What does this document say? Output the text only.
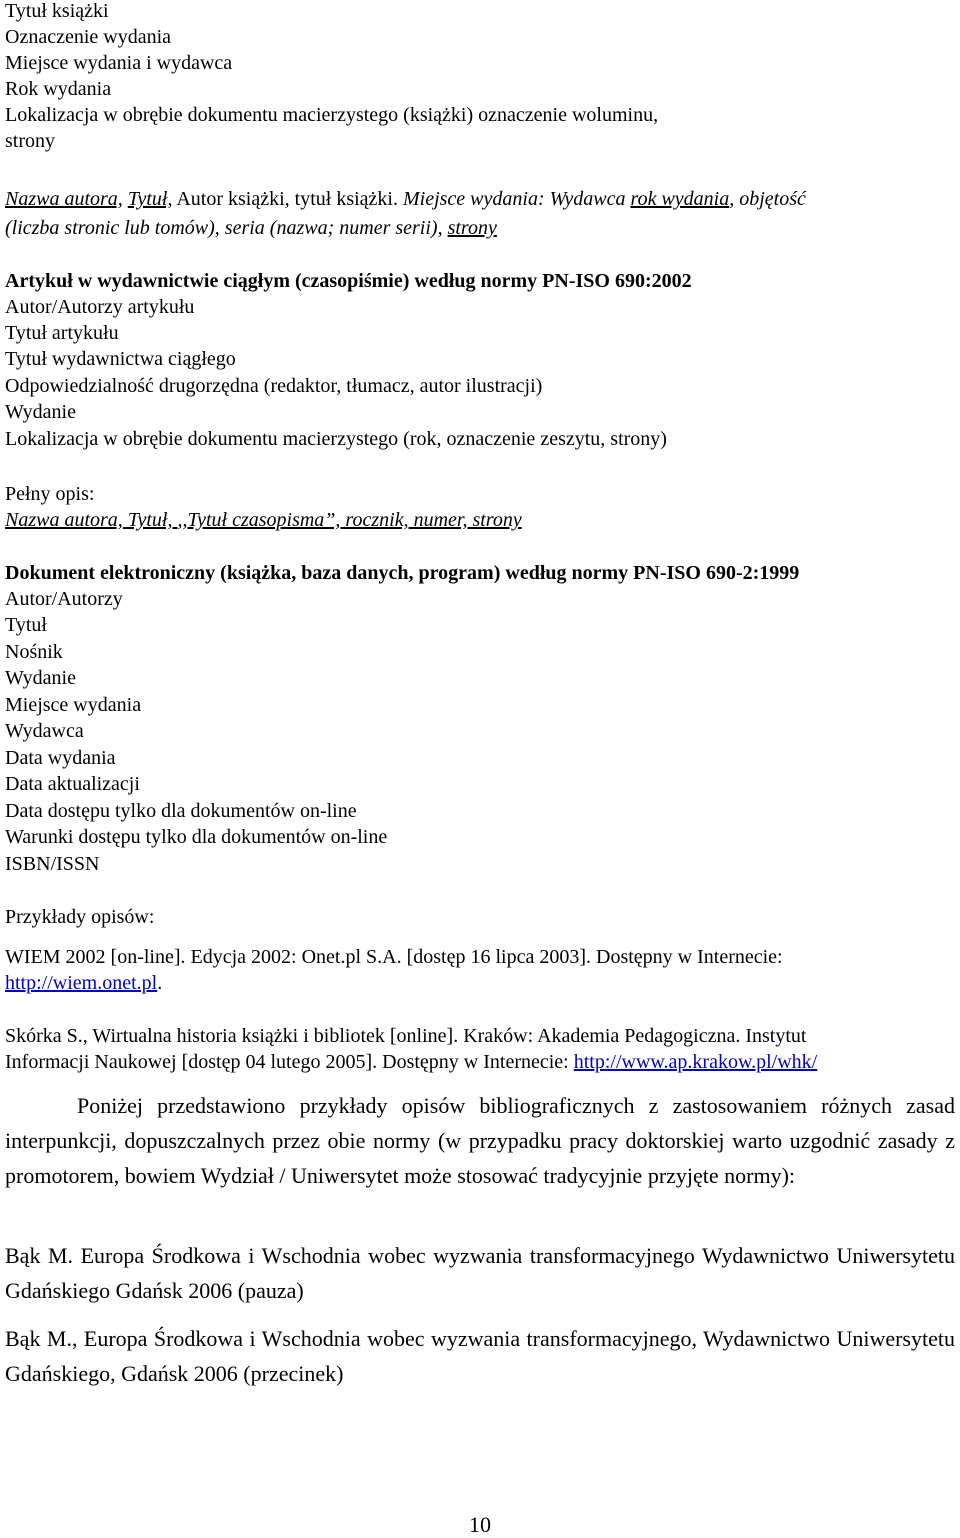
Tytuł książki

Oznaczenie wydania

Miejsce wydania i wydawca

Rok wydania

Lokalizacja w obrębie dokumentu macierzystego (książki) oznaczenie woluminu,

strony

Nazwa autora, Tytuł, Autor książki, tytuł książki. Miejsce wydania: Wydawca rok wydania, objętość

(liczba stronic lub tomów), seria (nazwa; numer serii), strony

Artykuł w wydawnictwie ciągłym (czasopiśmie) według normy PN-ISO 690:2002

Autor/Autorzy artykułu

Tytuł artykułu

Tytuł wydawnictwa ciągłego

Odpowiedzialność drugorzędna (redaktor, tłumacz, autor ilustracji)

Wydanie

Lokalizacja w obrębie dokumentu macierzystego (rok, oznaczenie zeszytu, strony)

Pełny opis:

Nazwa autora, Tytuł, ,,Tytuł czasopisma”, rocznik, numer, strony

Dokument elektroniczny (książka, baza danych, program) według normy PN-ISO 690-2:1999

Autor/Autorzy

Tytuł

Nośnik

Wydanie

Miejsce wydania

Wydawca

Data wydania

Data aktualizacji

Data dostępu tylko dla dokumentów on-line

Warunki dostępu tylko dla dokumentów on-line

ISBN/ISSN

Przykłady opisów:

WIEM 2002 [on-line]. Edycja 2002: Onet.pl S.A. [dostęp 16 lipca 2003]. Dostępny w Internecie:

http://wiem.onet.pl.

Skórka S., Wirtualna historia książki i bibliotek [online]. Kraków: Akademia Pedagogiczna. Instytut

Informacji Naukowej [dostęp 04 lutego 2005]. Dostępny w Internecie: http://www.ap.krakow.pl/whk/

Poniżej przedstawiono przykłady opisów bibliograficznych z zastosowaniem różnych zasad interpunkcji, dopuszczalnych przez obie normy (w przypadku pracy doktorskiej warto uzgodnić zasady z promotorem, bowiem Wydział / Uniwersytet może stosować tradycyjnie przyjęte normy):

Bąk M. Europa Środkowa i Wschodnia wobec wyzwania transformacyjnego Wydawnictwo Uniwersytetu Gdańskiego Gdańsk 2006 (pauza)

Bąk M., Europa Środkowa i Wschodnia wobec wyzwania transformacyjnego, Wydawnictwo Uniwersytetu Gdańskiego, Gdańsk 2006 (przecinek)

10
